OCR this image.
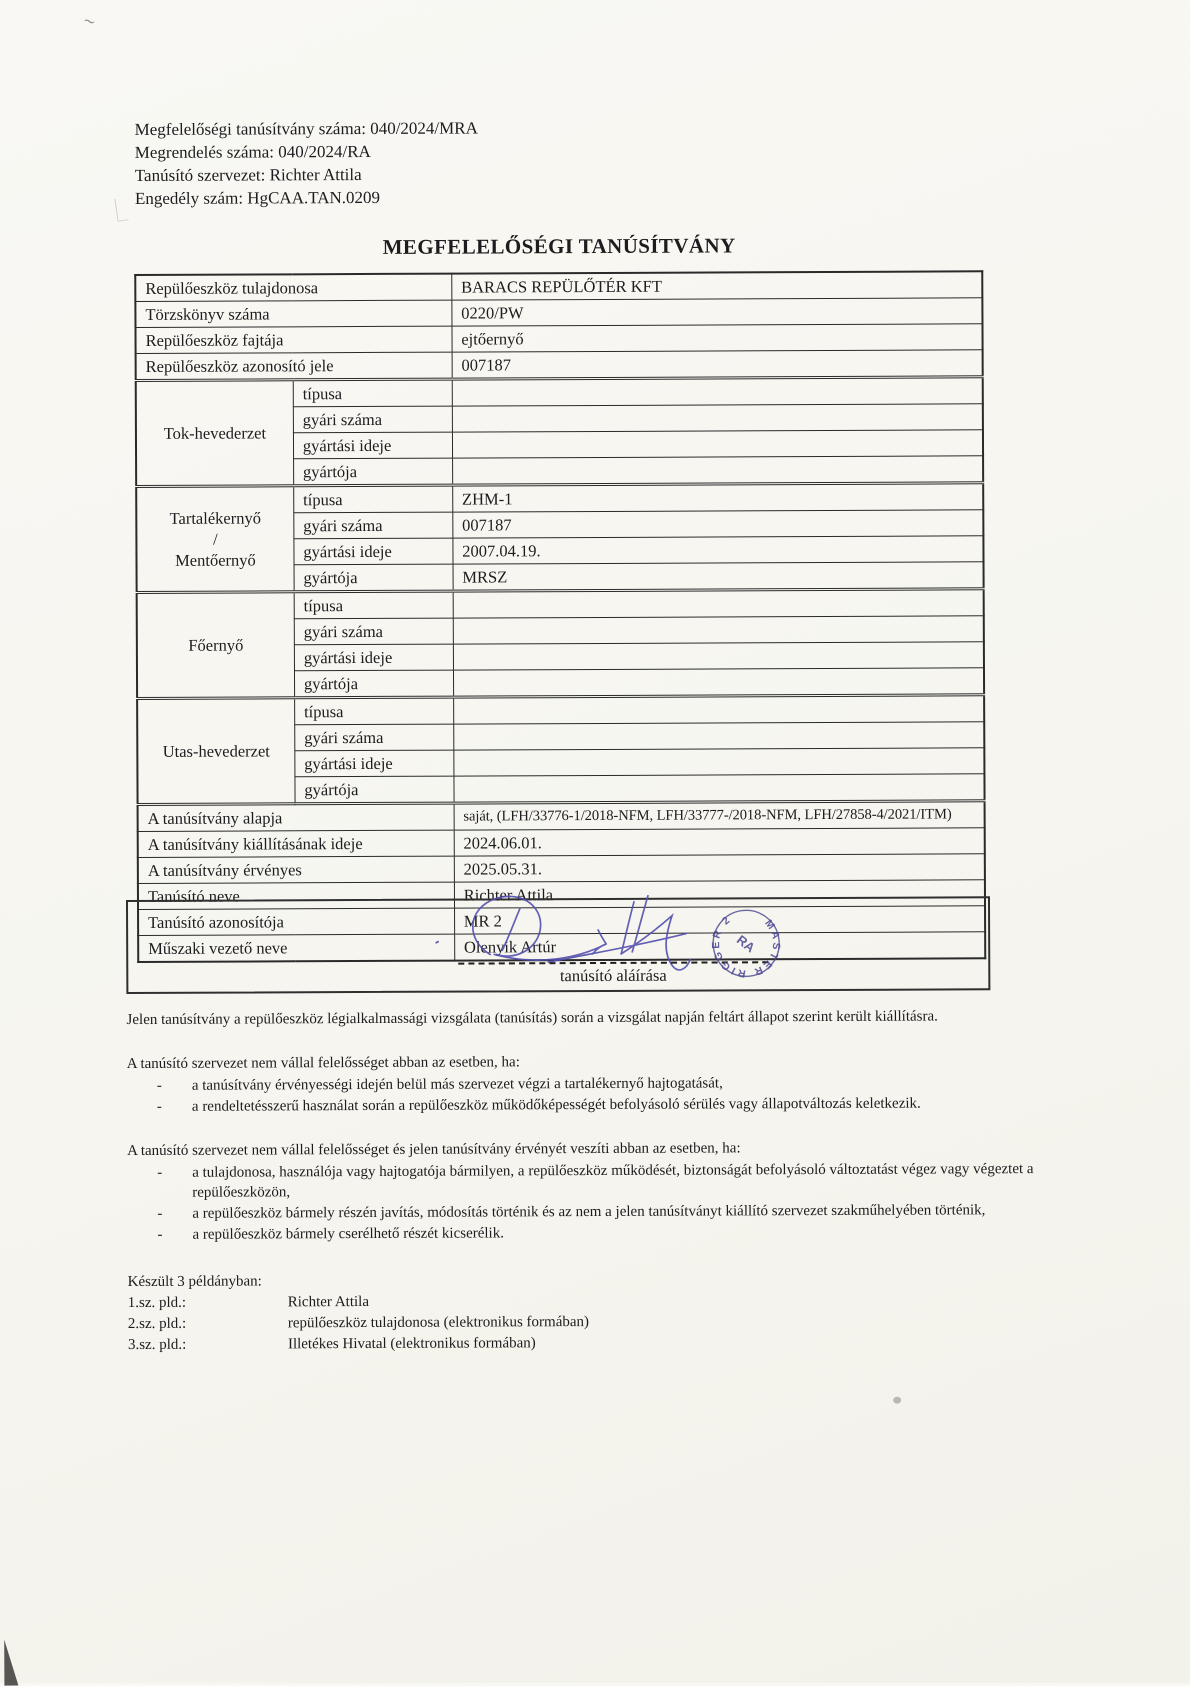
Megfelelőségi tanúsítvány száma: 040/2024/MRA
Megrendelés száma: 040/2024/RA
Tanúsító szervezet: Richter Attila
Engedély szám: HgCAA.TAN.0209
MEGFELELŐSÉGI TANÚSÍTVÁNY
Repülőeszköz tulajdonosa		BARACS REPÜLŐTÉR KFT
Törzskönyv száma		0220/PW
Repülőeszköz fajtája		ejtőernyő
Repülőeszköz azonosító jele		007187
Tok-hevederzet	típusa	
	gyári száma	
	gyártási ideje	
	gyártója	
Tartalékernyő
/
Mentőernyő	típusa	ZHM-1
	gyári száma	007187
	gyártási ideje	2007.04.19.
	gyártója	MRSZ
Főernyő	típusa	
	gyári száma	
	gyártási ideje	
	gyártója	
Utas-hevederzet	típusa	
	gyári száma	
	gyártási ideje	
	gyártója	
A tanúsítvány alapja		saját, (LFH/33776-1/2018-NFM, LFH/33777-/2018-NFM, LFH/27858-4/2021/ITM)
A tanúsítvány kiállításának ideje		2024.06.01.
A tanúsítvány érvényes		2025.05.31.
Tanúsító neve		Richter Attila
Tanúsító azonosítója		MR 2
Műszaki vezető neve		Olenyik Artúr
tanúsító aláírása
MASTER RIGGER 2
RA

Jelen tanúsítvány a repülőeszköz légialkalmassági vizsgálata (tanúsítás) során a vizsgálat napján feltárt állapot szerint került kiállításra.

A tanúsító szervezet nem vállal felelősséget abban az esetben, ha:
-
a tanúsítvány érvényességi idején belül más szervezet végzi a tartalékernyő hajtogatását,
-
a rendeltetésszerű használat során a repülőeszköz működőképességét befolyásoló sérülés vagy állapotváltozás keletkezik.
A tanúsító szervezet nem vállal felelősséget és jelen tanúsítvány érvényét veszíti abban az esetben, ha:
-
a tulajdonosa, használója vagy hajtogatója bármilyen, a repülőeszköz működését, biztonságát befolyásoló változtatást végez vagy végeztet a repülőeszközön,
-
a repülőeszköz bármely részén javítás, módosítás történik és az nem a jelen tanúsítványt kiállító szervezet szakműhelyében történik,
-
a repülőeszköz bármely cserélhető részét kicserélik.
Készült 3 példányban:
1.sz. pld.:	Richter Attila
2.sz. pld.:	repülőeszköz tulajdonosa (elektronikus formában)
3.sz. pld.:	Illetékes Hivatal (elektronikus formában)
~
